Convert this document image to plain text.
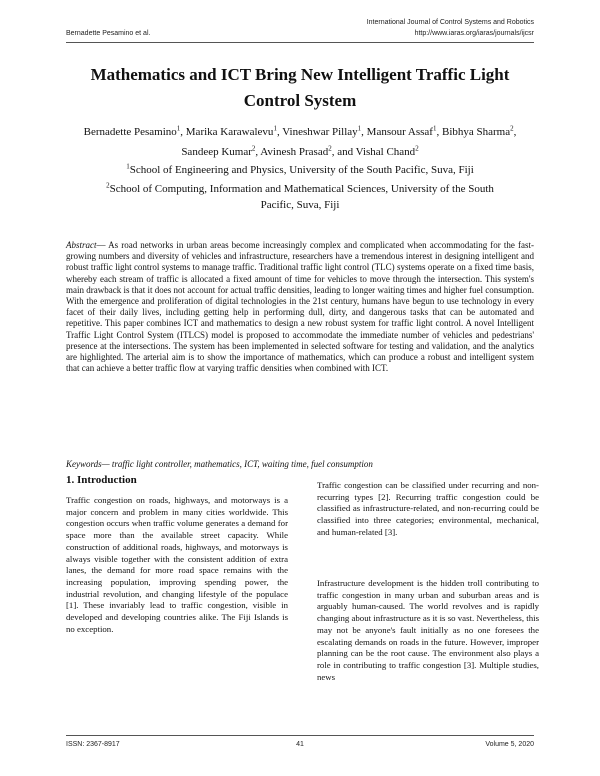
Bernadette Pesamino et al.
International Journal of Control Systems and Robotics
http://www.iaras.org/iaras/journals/ijcsr
Mathematics and ICT Bring New Intelligent Traffic Light
Control System
Bernadette Pesamino$^1$, Marika Karawalevu$^1$, Vineshwar Pillay$^1$, Mansour Assaf$^1$, Bibhya Sharma$^2$, Sandeep Kumar$^2$, Avinesh Prasad$^2$, and Vishal Chand$^2$
$^1$School of Engineering and Physics, University of the South Pacific, Suva, Fiji
$^2$School of Computing, Information and Mathematical Sciences, University of the South Pacific, Suva, Fiji
Abstract— As road networks in urban areas become increasingly complex and complicated when accommodating for the fast-growing numbers and diversity of vehicles and infrastructure, researchers have a tremendous interest in designing intelligent and robust traffic light control systems to manage traffic. Traditional traffic light control (TLC) systems operate on a fixed time basis, whereby each stream of traffic is allocated a fixed amount of time for vehicles to move through the intersection. This system's main drawback is that it does not account for actual traffic densities, leading to longer waiting times and higher fuel consumption. With the emergence and proliferation of digital technologies in the 21st century, humans have begun to use technology in every facet of their daily lives, including getting help in performing dull, dirty, and dangerous tasks that can be automated and repetitive. This paper combines ICT and mathematics to design a new robust system for traffic light control. A novel Intelligent Traffic Light Control System (ITLCS) model is proposed to accommodate the immediate number of vehicles and pedestrians' presence at the intersections. The system has been implemented in selected software for testing and validation, and the analytics are highlighted. The arterial aim is to show the importance of mathematics, which can produce a robust and intelligent system that can achieve a better traffic flow at varying traffic densities when combined with ICT.
Keywords— traffic light controller, mathematics, ICT, waiting time, fuel consumption
1. Introduction
Traffic congestion on roads, highways, and motorways is a major concern and problem in many cities worldwide. This congestion occurs when traffic volume generates a demand for space more than the available street capacity. While construction of additional roads, highways, and motorways is always visible together with the consistent addition of extra lanes, the demand for more road space remains with the increasing population, improving spending power, the industrial revolution, and changing lifestyle of the populace [1]. These invariably lead to traffic congestion, visible in developed and developing countries alike. The Fiji Islands is no exception.
Traffic congestion can be classified under recurring and non-recurring types [2]. Recurring traffic congestion could be classified as infrastructure-related, and non-recurring could be classified into three categories; environmental, mechanical, and human-related [3].
Infrastructure development is the hidden troll contributing to traffic congestion in many urban and suburban areas and is arguably human-caused. The world revolves and is rapidly changing about infrastructure as it is so vast. Nevertheless, this may not be anyone's fault initially as no one foresees the escalating demands on roads in the future. However, improper planning can be the root cause. The environment also plays a role in contributing to traffic congestion [3]. Multiple studies, news
ISSN: 2367-8917	41	Volume 5, 2020
